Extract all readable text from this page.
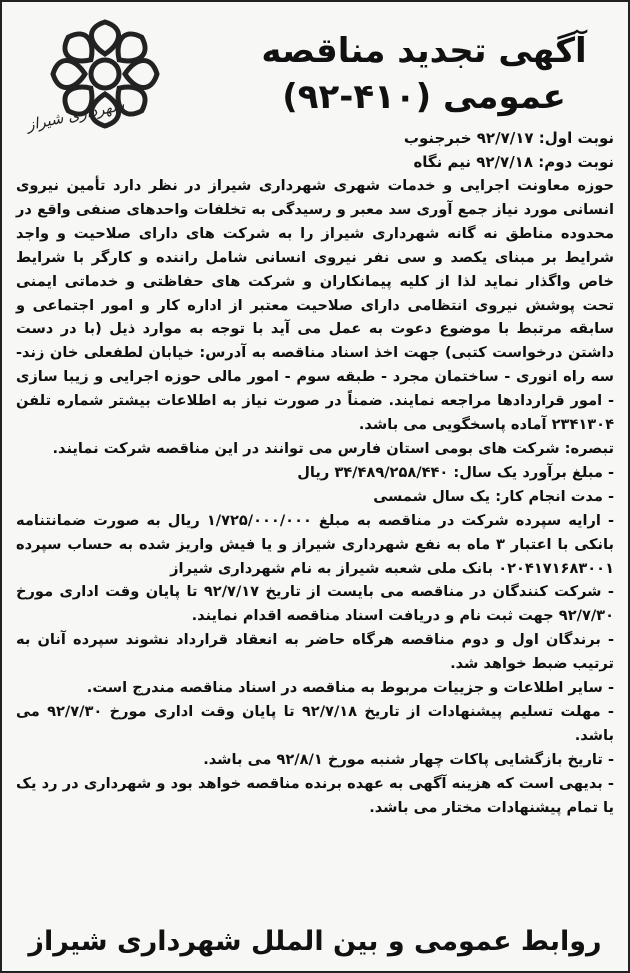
آگهی تجدید مناقصه
عمومی (۴۱۰-۹۲)
شهرداری شیراز
نوبت اول: ۹۲/۷/۱۷ خبرجنوب
نوبت دوم: ۹۲/۷/۱۸ نیم نگاه
حوزه معاونت اجرایی و خدمات شهری شهرداری شیراز در نظر دارد تأمین نیروی انسانی مورد نیاز جمع آوری سد معبر و رسیدگی به تخلفات واحدهای صنفی واقع در محدوده مناطق نه گانه شهرداری شیراز را به شرکت های دارای صلاحیت و واجد شرایط بر مبنای یکصد و سی نفر نیروی انسانی شامل راننده و کارگر با شرایط خاص واگذار نماید لذا از کلیه پیمانکاران و شرکت های حفاظتی و خدماتی ایمنی تحت پوشش نیروی انتظامی دارای صلاحیت معتبر از اداره کار و امور اجتماعی و سابقه مرتبط با موضوع دعوت به عمل می آید با توجه به موارد ذیل (با در دست داشتن درخواست کتبی) جهت اخذ اسناد مناقصه به آدرس: خیابان لطفعلی خان زند-سه راه انوری - ساختمان مجرد - طبقه سوم - امور مالی حوزه اجرایی و زیبا سازی - امور قراردادها مراجعه نمایند. ضمناً در صورت نیاز به اطلاعات بیشتر شماره تلفن ۲۳۴۱۳۰۴ آماده پاسخگویی می باشد.
تبصره: شرکت های بومی استان فارس می توانند در این مناقصه شرکت نمایند.
- مبلغ برآورد یک سال: ۳۴/۴۸۹/۲۵۸/۴۴۰ ریال
- مدت انجام کار: یک سال شمسی
- ارایه سپرده شرکت در مناقصه به مبلغ ۱/۷۲۵/۰۰۰/۰۰۰ ریال به صورت ضمانتنامه بانکی با اعتبار ۳ ماه به نفع شهرداری شیراز و یا فیش واریز شده به حساب سپرده ۰۲۰۴۱۷۱۶۸۳۰۰۱ بانک ملی شعبه شیراز به نام شهرداری شیراز
- شرکت کنندگان در مناقصه می بایست از تاریخ ۹۲/۷/۱۷ تا پایان وقت اداری مورخ ۹۲/۷/۳۰ جهت ثبت نام و دریافت اسناد مناقصه اقدام نمایند.
- برندگان اول و دوم مناقصه هرگاه حاضر به انعقاد قرارداد نشوند سپرده آنان به ترتیب ضبط خواهد شد.
- سایر اطلاعات و جزییات مربوط به مناقصه در اسناد مناقصه مندرج است.
- مهلت تسلیم پیشنهادات از تاریخ ۹۲/۷/۱۸ تا پایان وقت اداری مورخ ۹۲/۷/۳۰ می باشد.
- تاریخ بازگشایی پاکات چهار شنبه مورخ ۹۲/۸/۱ می باشد.
- بدیهی است که هزینه آگهی به عهده برنده مناقصه خواهد بود و شهرداری در رد یک یا تمام پیشنهادات مختار می باشد.
روابط عمومی و بین الملل شهرداری شیراز
